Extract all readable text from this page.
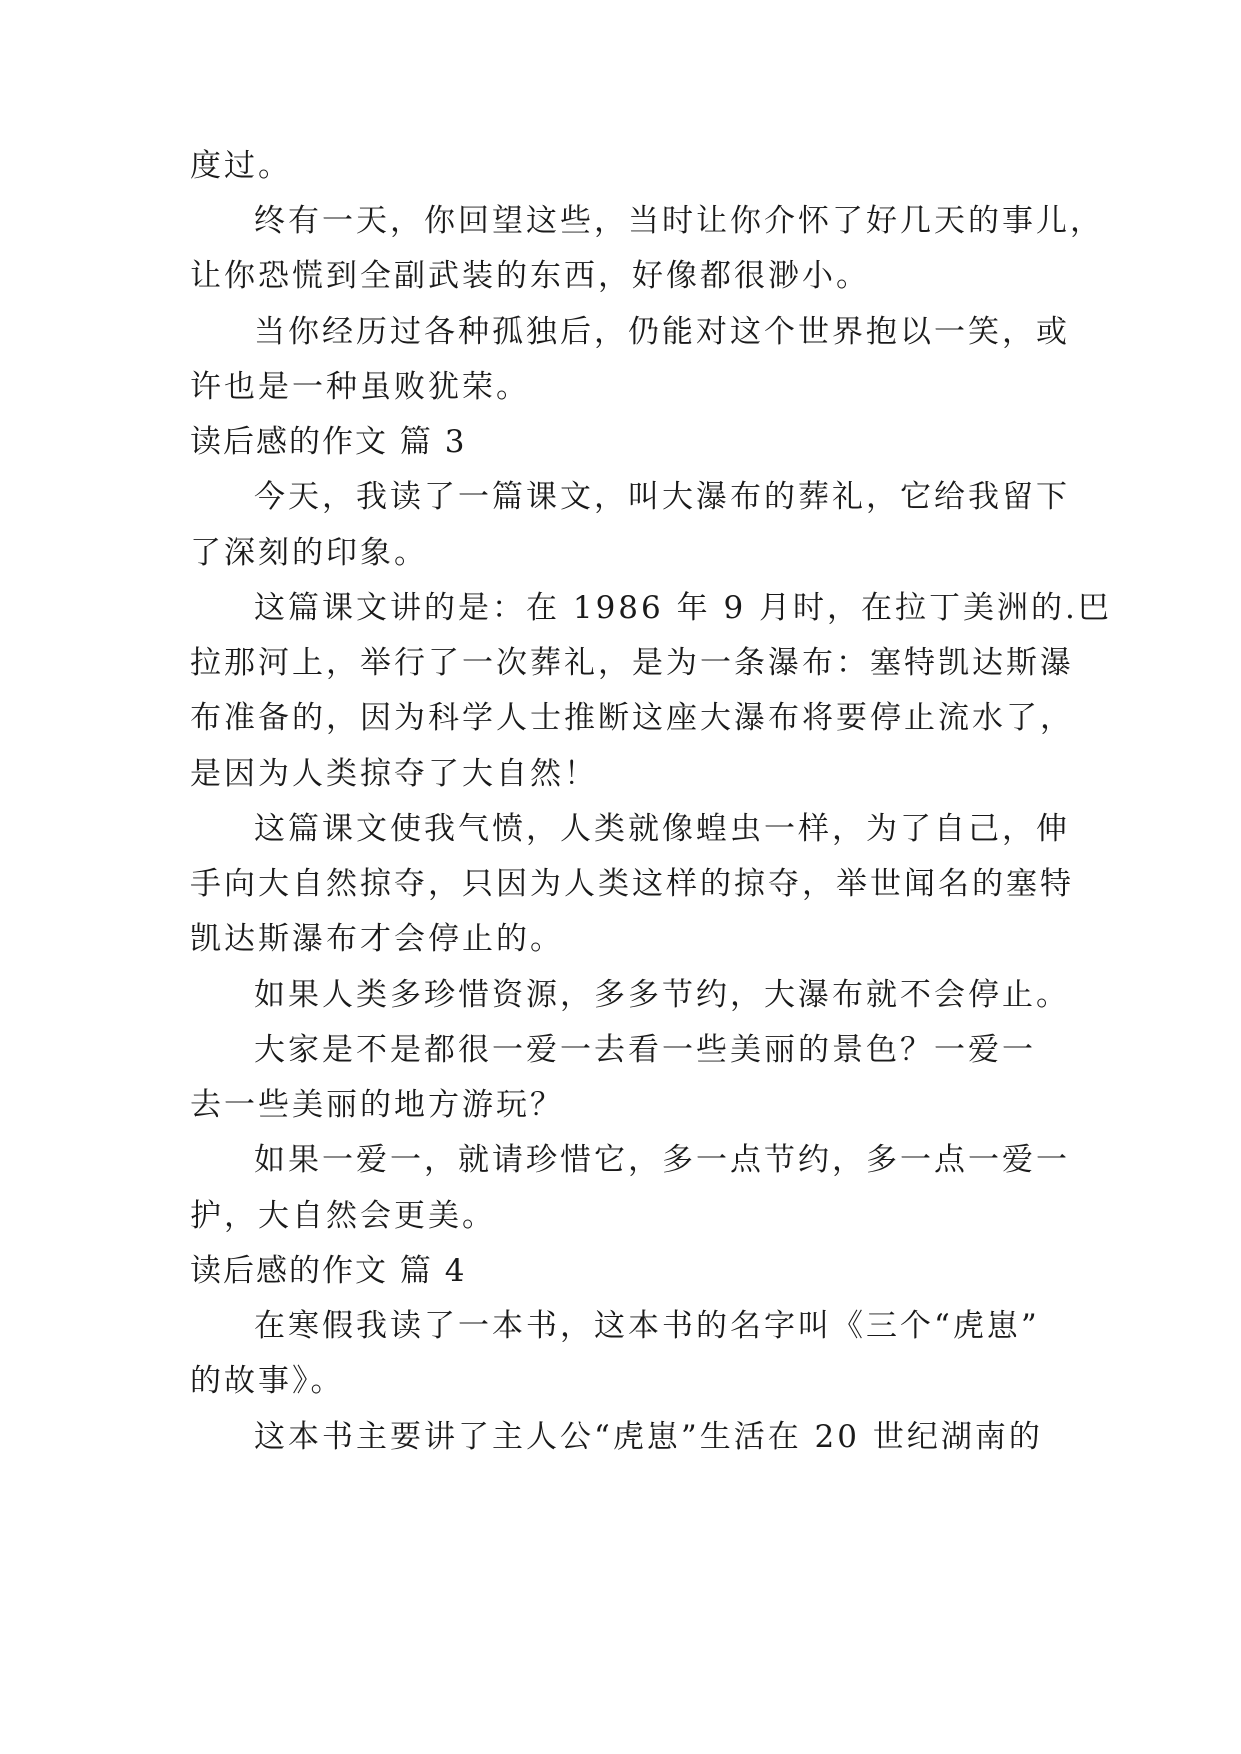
度过。
终有一天，你回望这些，当时让你介怀了好几天的事儿，
让你恐慌到全副武装的东西，好像都很渺小。
当你经历过各种孤独后，仍能对这个世界抱以一笑，或
许也是一种虽败犹荣。
读后感的作文 篇 3
今天，我读了一篇课文，叫大瀑布的葬礼，它给我留下
了深刻的印象。
这篇课文讲的是：在 1986 年 9 月时，在拉丁美洲的.巴
拉那河上，举行了一次葬礼，是为一条瀑布：塞特凯达斯瀑
布准备的，因为科学人士推断这座大瀑布将要停止流水了，
是因为人类掠夺了大自然！
这篇课文使我气愤，人类就像蝗虫一样，为了自己，伸
手向大自然掠夺，只因为人类这样的掠夺，举世闻名的塞特
凯达斯瀑布才会停止的。
如果人类多珍惜资源，多多节约，大瀑布就不会停止。
大家是不是都很一爱一去看一些美丽的景色？一爱一
去一些美丽的地方游玩？
如果一爱一，就请珍惜它，多一点节约，多一点一爱一
护，大自然会更美。
读后感的作文 篇 4
在寒假我读了一本书，这本书的名字叫《三个“虎崽”
的故事》。
这本书主要讲了主人公“虎崽”生活在 20 世纪湖南的
